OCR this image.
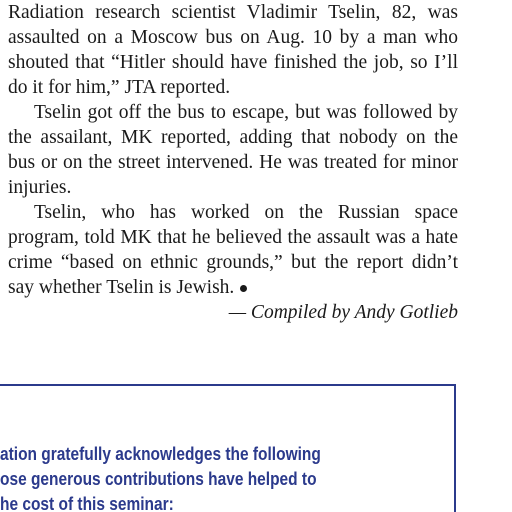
Radiation research scientist Vladimir Tselin, 82, was assaulted on a Moscow bus on Aug. 10 by a man who shouted that “Hitler should have finished the job, so I’ll do it for him,” JTA reported.

Tselin got off the bus to escape, but was followed by the assailant, MK reported, adding that nobody on the bus or on the street intervened. He was treated for minor injuries.

Tselin, who has worked on the Russian space program, told MK that he believed the assault was a hate crime “based on ethnic grounds,” but the report didn’t say whether Tselin is Jewish.

— Compiled by Andy Gotlieb

ation gratefully acknowledges the following
ose generous contributions have helped to
he cost of this seminar:
